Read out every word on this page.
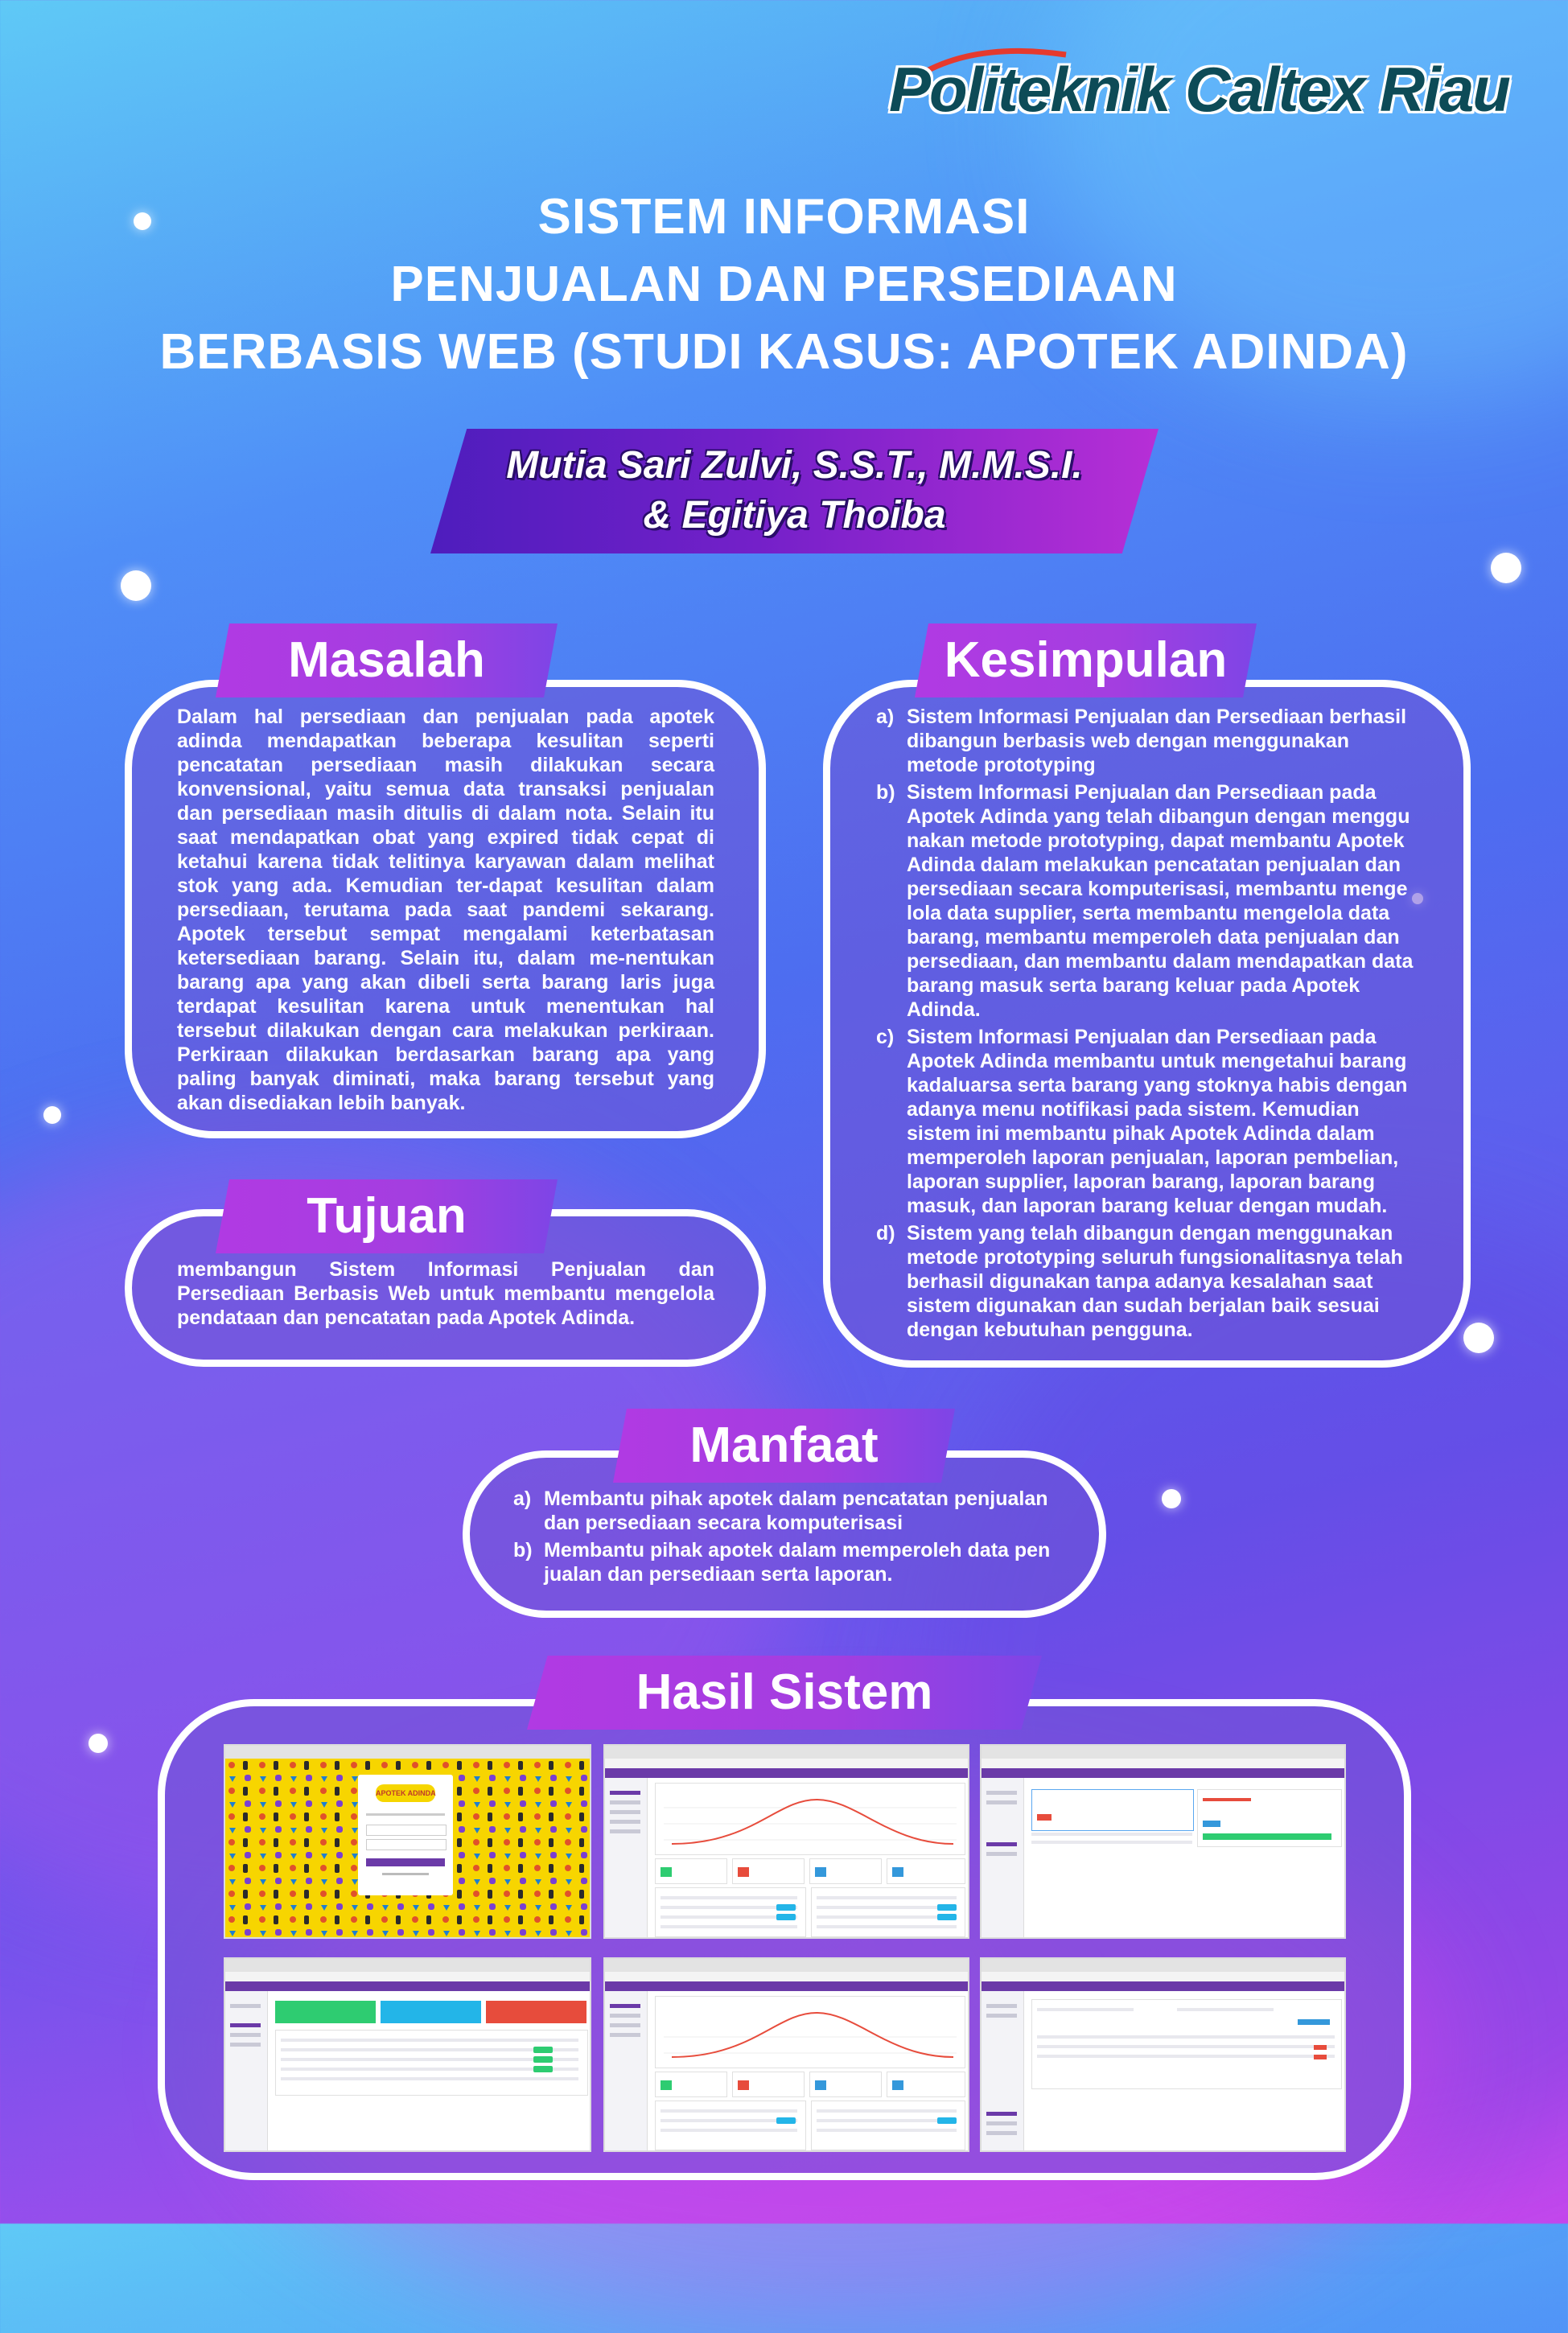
Politeknik Caltex Riau
SISTEM INFORMASI
PENJUALAN DAN PERSEDIAAN
BERBASIS WEB (STUDI KASUS: APOTEK ADINDA)
Mutia Sari Zulvi, S.S.T., M.M.S.I.
& Egitiya Thoiba
Dalam hal persediaan dan penjualan pada apotek adinda mendapatkan beberapa kesulitan seperti pencatatan persediaan masih dilakukan secara konvensional, yaitu semua data transaksi penjualan dan persediaan masih ditulis di dalam nota. Selain itu saat mendapatkan obat yang expired tidak cepat di ketahui karena tidak telitinya karyawan dalam melihat stok yang ada. Kemudian ter-dapat kesulitan dalam persediaan, terutama pada saat pandemi sekarang. Apotek tersebut sempat mengalami keterbatasan ketersediaan barang. Selain itu, dalam me-nentukan barang apa yang akan dibeli serta barang laris juga terdapat kesulitan karena untuk menentukan hal tersebut dilakukan dengan cara melakukan perkiraan. Perkiraan dilakukan berdasarkan barang apa yang paling banyak diminati, maka barang tersebut yang akan disediakan lebih banyak.
Masalah
membangun Sistem Informasi Penjualan dan Persediaan Berbasis Web untuk membantu mengelola pendataan dan pencatatan pada Apotek Adinda.
Tujuan
a) Sistem Informasi Penjualan dan Persediaan berhasil dibangun berbasis web dengan menggunakan metode prototyping
b) Sistem Informasi Penjualan dan Persediaan pada Apotek Adinda yang telah dibangun dengan menggu nakan metode prototyping, dapat membantu Apotek Adinda dalam melakukan pencatatan penjualan dan persediaan secara komputerisasi, membantu menge lola data supplier, serta membantu mengelola data barang, membantu memperoleh data penjualan dan persediaan, dan membantu dalam mendapatkan data barang masuk serta barang keluar pada Apotek Adinda.
c) Sistem Informasi Penjualan dan Persediaan pada Apotek Adinda membantu untuk mengetahui barang kadaluarsa serta barang yang stoknya habis dengan adanya menu notifikasi pada sistem. Kemudian sistem ini membantu pihak Apotek Adinda dalam memperoleh laporan penjualan, laporan pembelian, laporan supplier, laporan barang, laporan barang masuk, dan laporan barang keluar dengan mudah.
d) Sistem yang telah dibangun dengan menggunakan metode prototyping seluruh fungsionalitasnya telah berhasil digunakan tanpa adanya kesalahan saat sistem digunakan dan sudah berjalan baik sesuai dengan kebutuhan pengguna.
Kesimpulan
a) Membantu pihak apotek dalam pencatatan penjualan dan persediaan secara komputerisasi
b) Membantu pihak apotek dalam memperoleh data pen jualan dan persediaan serta laporan.
Manfaat
Hasil Sistem
APOTEK ADINDA
